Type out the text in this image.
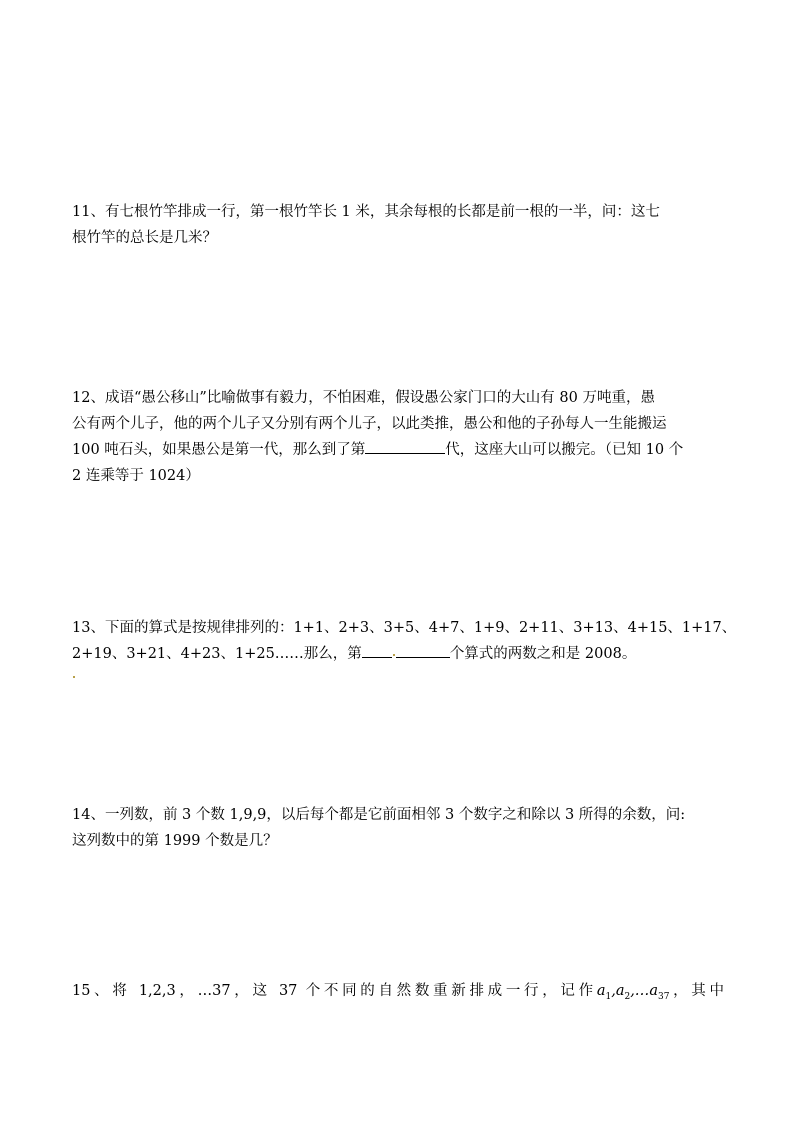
11、有七根竹竿排成一行，第一根竹竿长 1 米，其余每根的长都是前一根的一半，问：这七
根竹竿的总长是几米？
12、成语“愚公移山”比喻做事有毅力，不怕困难，假设愚公家门口的大山有 80 万吨重，愚
公有两个儿子，他的两个儿子又分别有两个儿子，以此类推，愚公和他的子孙每人一生能搬运
100 吨石头，如果愚公是第一代，那么到了第	代，这座大山可以搬完。（已知 10 个
2 连乘等于 1024）
13、下面的算式是按规律排列的：1+1、2+3、3+5、4+7、1+9、2+11、3+13、4+15、1+17、
2+19、3+21、4+23、1+25……那么，第	个算式的两数之和是 2008。
14、一列数，前 3 个数 1,9,9，以后每个都是它前面相邻 3 个数字之和除以 3 所得的余数，问:
这列数中的第 1999 个数是几？
15、将 1,2,3，…37，这 37 个不同的自然数重新排成一行，记作$a_1,a_2,\dots a_{37}$，其中
